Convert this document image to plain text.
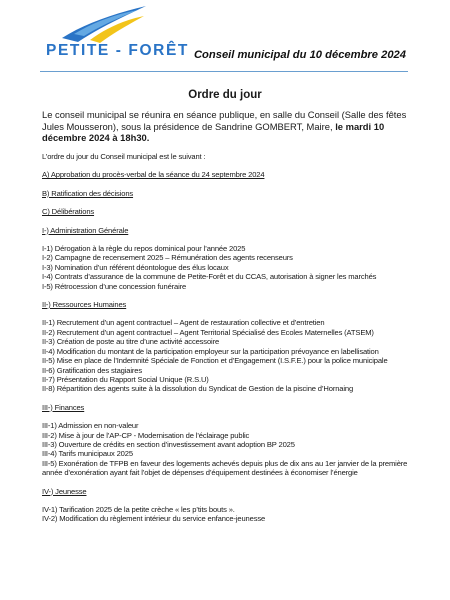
PETITE - FORÊT Conseil municipal du 10 décembre 2024
Ordre du jour
Le conseil municipal se réunira en séance publique, en salle du Conseil (Salle des fêtes Jules Mousseron), sous la présidence de Sandrine GOMBERT, Maire, le mardi 10 décembre 2024 à 18h30.
L’ordre du jour du Conseil municipal est le suivant :
A) Approbation du procès-verbal de la séance du 24 septembre 2024
B) Ratification des décisions
C) Délibérations
I-) Administration Générale
I-1) Dérogation à la règle du repos dominical pour l’année 2025
I-2) Campagne de recensement 2025 – Rémunération des agents recenseurs
I-3) Nomination d’un référent déontologue des élus locaux
I-4) Contrats d’assurance de la commune de Petite-Forêt et du CCAS, autorisation à signer les marchés
I-5) Rétrocession d’une concession funéraire
II-) Ressources Humaines
II-1) Recrutement d’un agent contractuel – Agent de restauration collective et d’entretien
II-2) Recrutement d’un agent contractuel – Agent Territorial Spécialisé des Ecoles Maternelles (ATSEM)
II-3) Création de poste au titre d’une activité accessoire
II-4) Modification du montant de la participation employeur sur la participation prévoyance en labellisation
II-5) Mise en place de l’Indemnité Spéciale de Fonction et d’Engagement (I.S.F.E.) pour la police municipale
II-6) Gratification des stagiaires
II-7) Présentation du Rapport Social Unique (R.S.U)
II-8) Répartition des agents suite à la dissolution du Syndicat de Gestion de la piscine d’Hornaing
III-) Finances
III-1) Admission en non-valeur
III-2) Mise à jour de l’AP-CP - Modernisation de l’éclairage public
III-3) Ouverture de crédits en section d’investissement avant adoption BP 2025
III-4) Tarifs municipaux 2025
III-5) Exonération de TFPB en faveur des logements achevés depuis plus de dix ans au 1er janvier de la première année d’exonération ayant fait l’objet de dépenses d’équipement destinées à économiser l’énergie
IV-) Jeunesse
IV-1) Tarification 2025 de la petite crèche « les p’tits bouts ».
IV-2) Modification du règlement intérieur du service enfance-jeunesse
